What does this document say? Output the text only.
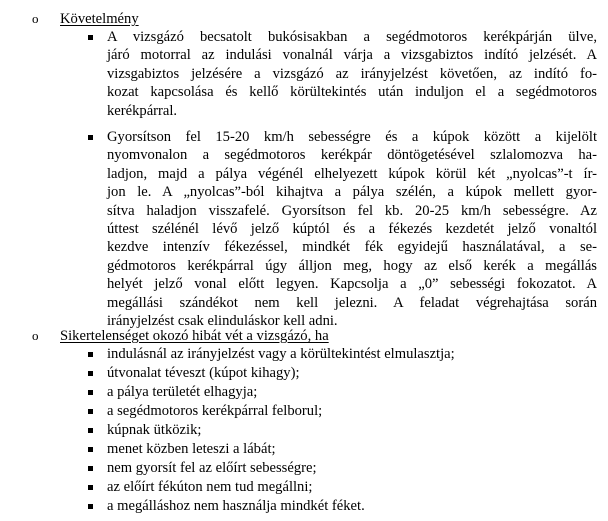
o Követelmény
A vizsgázó becsatolt bukósisakban a segédmotoros kerékpárján ülve,
járó motorral az indulási vonalnál várja a vizsgabiztos indító jelzését. A
vizsgabiztos jelzésére a vizsgázó az irányjelzést követően, az indító fo-
kozat kapcsolása és kellő körültekintés után induljon el a segédmotoros
kerékpárral.
Gyorsítson fel 15-20 km/h sebességre és a kúpok között a kijelölt
nyomvonalon a segédmotoros kerékpár döntögetésével szlalomozva ha-
ladjon, majd a pálya végénél elhelyezett kúpok körül két „nyolcas”-t ír-
jon le. A „nyolcas”-ból kihajtva a pálya szélén, a kúpok mellett gyor-
sítva haladjon visszafelé. Gyorsítson fel kb. 20-25 km/h sebességre. Az
úttest szélénél lévő jelző kúptól és a fékezés kezdetét jelző vonaltól
kezdve intenzív fékezéssel, mindkét fék egyidejű használatával, a se-
gédmotoros kerékpárral úgy álljon meg, hogy az első kerék a megállás
helyét jelző vonal előtt legyen. Kapcsolja a „0” sebességi fokozatot. A
megállási szándékot nem kell jelezni. A feladat végrehajtása során
irányjelzést csak elinduláskor kell adni.
o Sikertelenséget okozó hibát vét a vizsgázó, ha
indulásnál az irányjelzést vagy a körültekintést elmulasztja;
útvonalat téveszt (kúpot kihagy);
a pálya területét elhagyja;
a segédmotoros kerékpárral felborul;
kúpnak ütközik;
menet közben leteszi a lábát;
nem gyorsít fel az előírt sebességre;
az előírt fékúton nem tud megállni;
a megálláshoz nem használja mindkét féket.
